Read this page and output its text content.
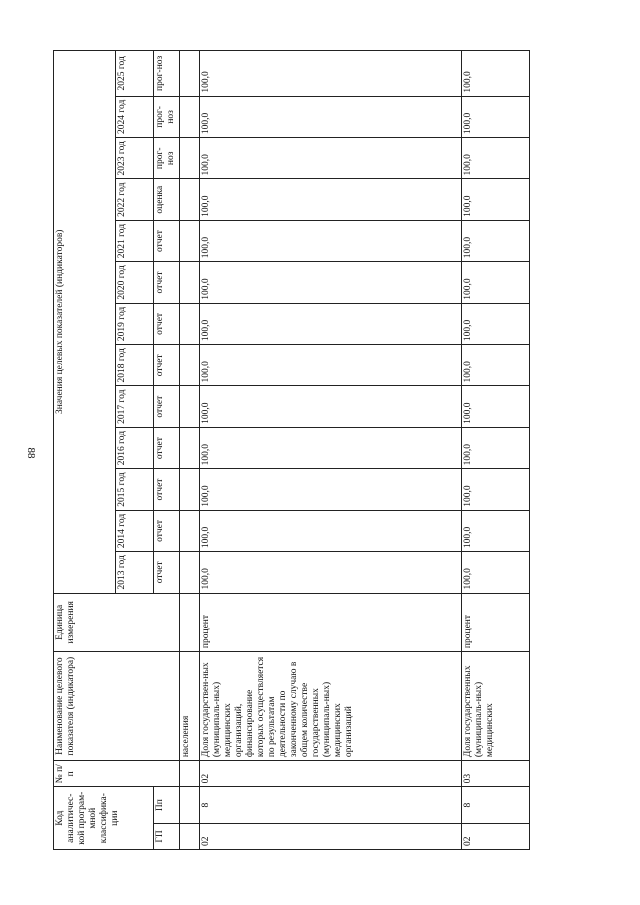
88
Код аналитичес-кой програм-мной классифика-ции		№ п/п	Наименование целевого показателя (индикатора)	Единица измерения	Значения целевых показателей (индикаторов)												
					2013 год	2014 год	2015 год	2016 год	2017 год	2018 год	2019 год	2020 год	2021 год	2022 год	2023 год	2024 год	2025 год
ГП	Пп				отчет	отчет	отчет	отчет	отчет	отчет	отчет	отчет	отчет	оценка	прог-ноз	прог-ноз	прог-ноз
			населения														
02	8	02	Доля государствен-ных (муниципаль-ных) медицинских организаций, финансирование которых осуществляется по результатам деятельности по законченному случаю в общем количестве государственных (муниципаль-ных) медицинских организаций	процент	100,0	100,0	100,0	100,0	100,0	100,0	100,0	100,0	100,0	100,0	100,0	100,0	100,0
02	8	03	Доля государственных (муниципаль-ных) медицинских	процент	100,0	100,0	100,0	100,0	100,0	100,0	100,0	100,0	100,0	100,0	100,0	100,0	100,0
